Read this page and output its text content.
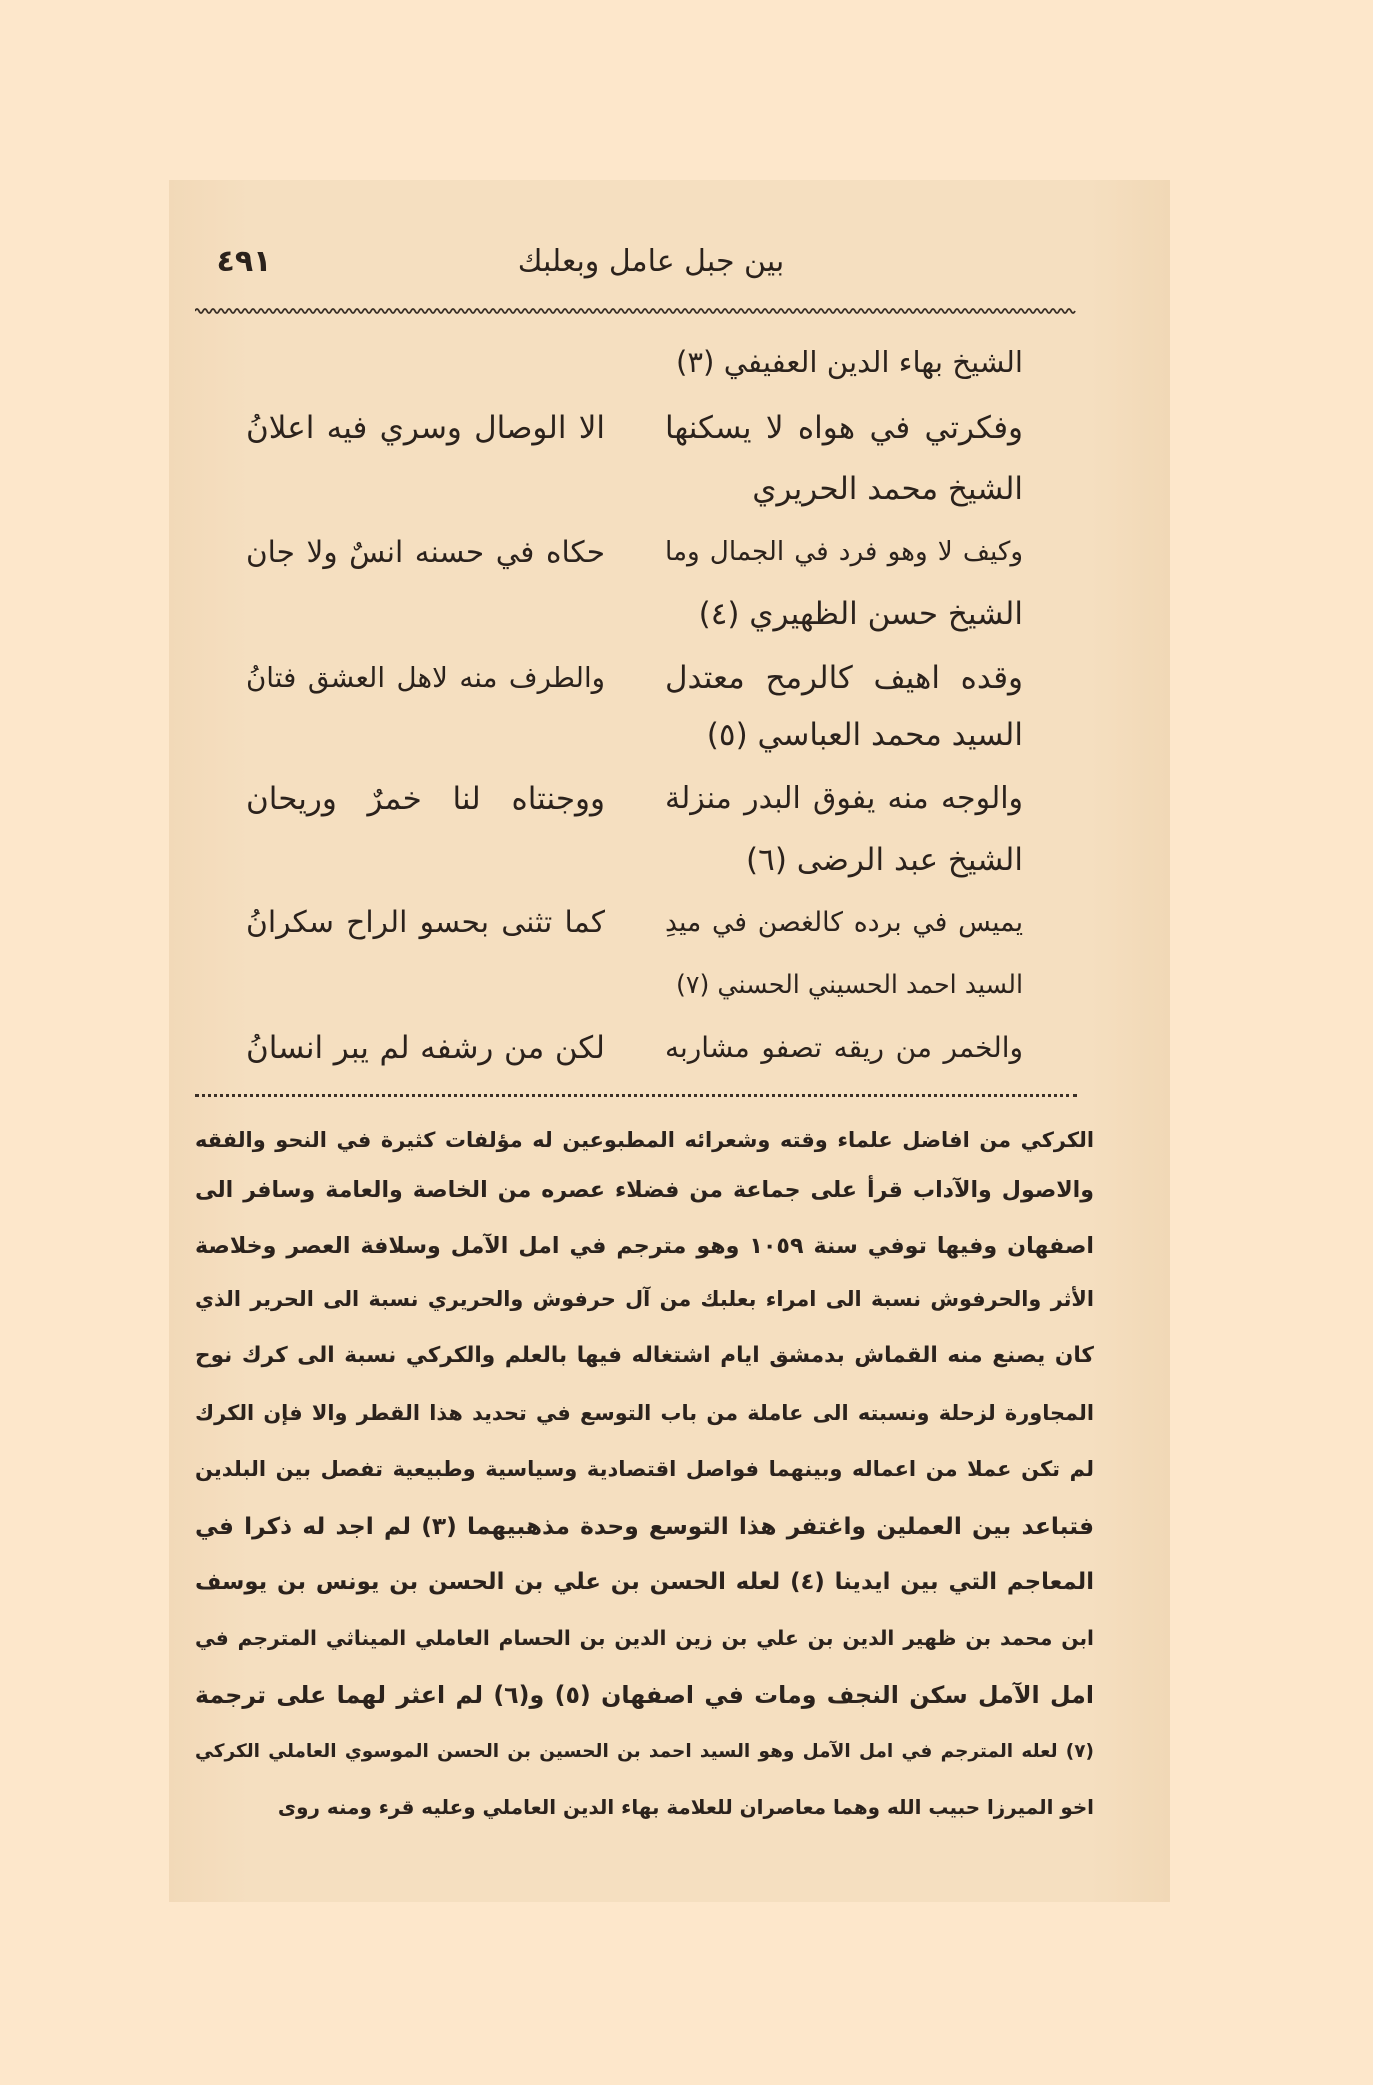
بين جبل عامل وبعلبك
٤٩١
الشيخ بهاء الدين العفيفي (٣)
وفكرتي في هواه لا يسكنها
الا الوصال وسري فيه اعلانُ
الشيخ محمد الحريري
وكيف لا وهو فرد في الجمال وما
حكاه في حسنه انسٌ ولا جان
الشيخ حسن الظهيري (٤)
وقده اهيف كالرمح معتدل
والطرف منه لاهل العشق فتانُ
السيد محمد العباسي (٥)
والوجه منه يفوق البدر منزلة
ووجنتاه لنا خمرٌ وريحان
الشيخ عبد الرضى (٦)
يميس في برده كالغصن في ميدِ
كما تثنى بحسو الراح سكرانُ
السيد احمد الحسيني الحسني (٧)
والخمر من ريقه تصفو مشاربه
لكن من رشفه لم يبر انسانُ
الكركي من افاضل علماء وقته وشعرائه المطبوعين له مؤلفات كثيرة في النحو والفقه
والاصول والآداب قرأ على جماعة من فضلاء عصره من الخاصة والعامة وسافر الى
اصفهان وفيها توفي سنة ١٠٥٩ وهو مترجم في امل الآمل وسلافة العصر وخلاصة
الأثر والحرفوش نسبة الى امراء بعلبك من آل حرفوش والحريري نسبة الى الحرير الذي
كان يصنع منه القماش بدمشق ايام اشتغاله فيها بالعلم والكركي نسبة الى كرك نوح
المجاورة لزحلة ونسبته الى عاملة من باب التوسع في تحديد هذا القطر والا فإن الكرك
لم تكن عملا من اعماله وبينهما فواصل اقتصادية وسياسية وطبيعية تفصل بين البلدين
فتباعد بين العملين واغتفر هذا التوسع وحدة مذهبيهما (٣) لم اجد له ذكرا في
المعاجم التي بين ايدينا (٤) لعله الحسن بن علي بن الحسن بن يونس بن يوسف
ابن محمد بن ظهير الدين بن علي بن زين الدين بن الحسام العاملي الميناثي المترجم في
امل الآمل سكن النجف ومات في اصفهان (٥) و(٦) لم اعثر لهما على ترجمة
(٧) لعله المترجم في امل الآمل وهو السيد احمد بن الحسين بن الحسن الموسوي العاملي الكركي
اخو الميرزا حبيب الله وهما معاصران للعلامة بهاء الدين العاملي وعليه قرء ومنه روى
